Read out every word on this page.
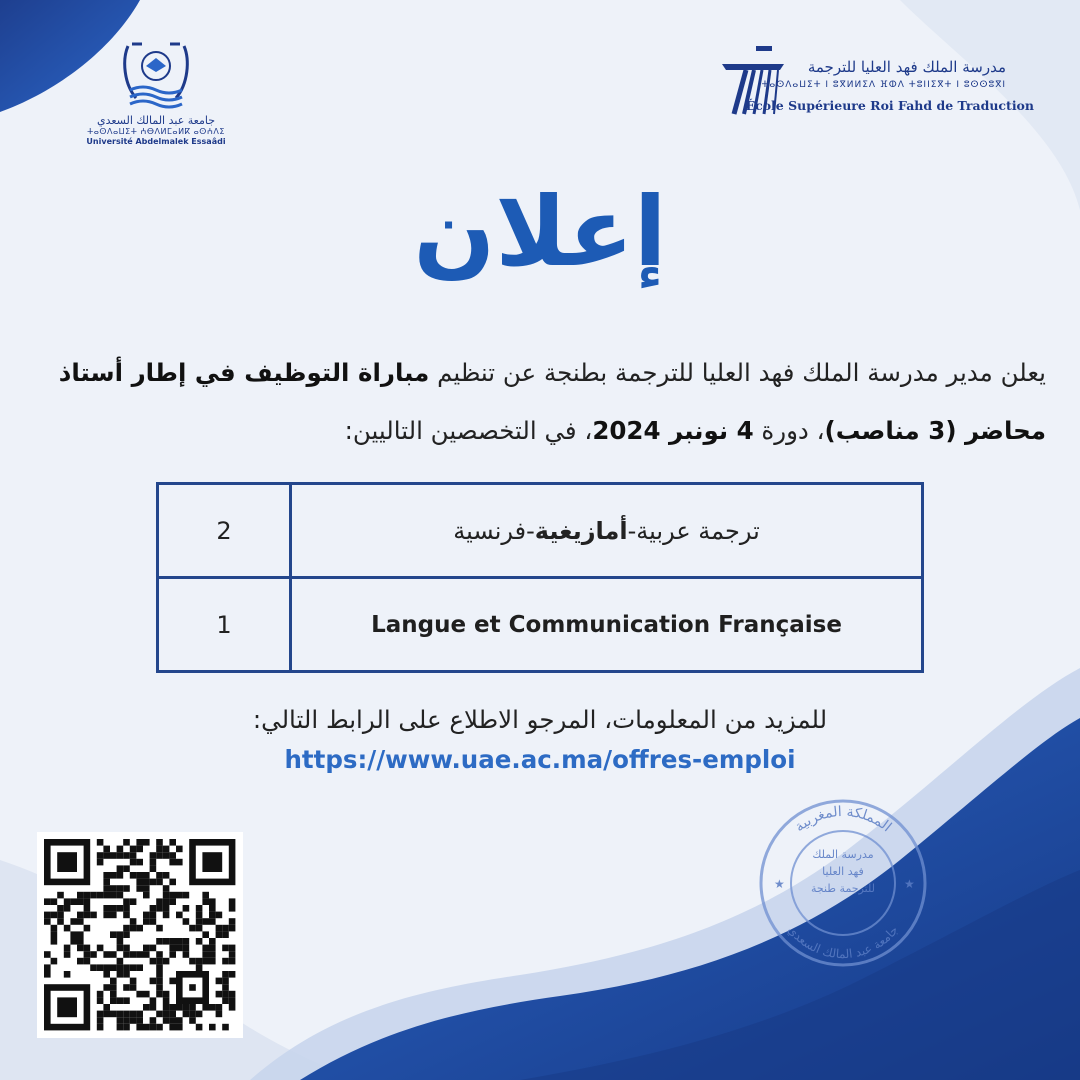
جامعة عبد المالك السعدي
ⵜⴰⵙⴷⴰⵡⵉⵜ ⵄⴱⴷⵍⵎⴰⵍⴽ ⴰⵙⵄⴷⵉ
Université Abdelmalek Essaâdi
مدرسة الملك فهد العليا للترجمة
ⵜⴰⵙⴷⴰⵡⵉⵜ ⵏ ⵓⴳⵍⵍⵉⴷ ⴼⵀⴷ ⵜⵓⵏⵏⵉⴳⵜ ⵏ ⵓⵙⵙⵓⴳⵏ
École Supérieure Roi Fahd de Traduction
إعلان
يعلن مدير مدرسة الملك فهد العليا للترجمة بطنجة عن تنظيم مباراة التوظيف في إطار أستاذ محاضر (3 مناصب)، دورة 4 نونبر 2024، في التخصصين التاليين:
2	ترجمة عربية-أمازيغية-فرنسية
1	Langue et Communication Française
للمزيد من المعلومات، المرجو الاطلاع على الرابط التالي:
https://www.uae.ac.ma/offres-emploi
المملكة المغربية
جامعة عبد المالك السعدي
★	★
مدرسة الملك فهد العليا للترجمة طنجة
